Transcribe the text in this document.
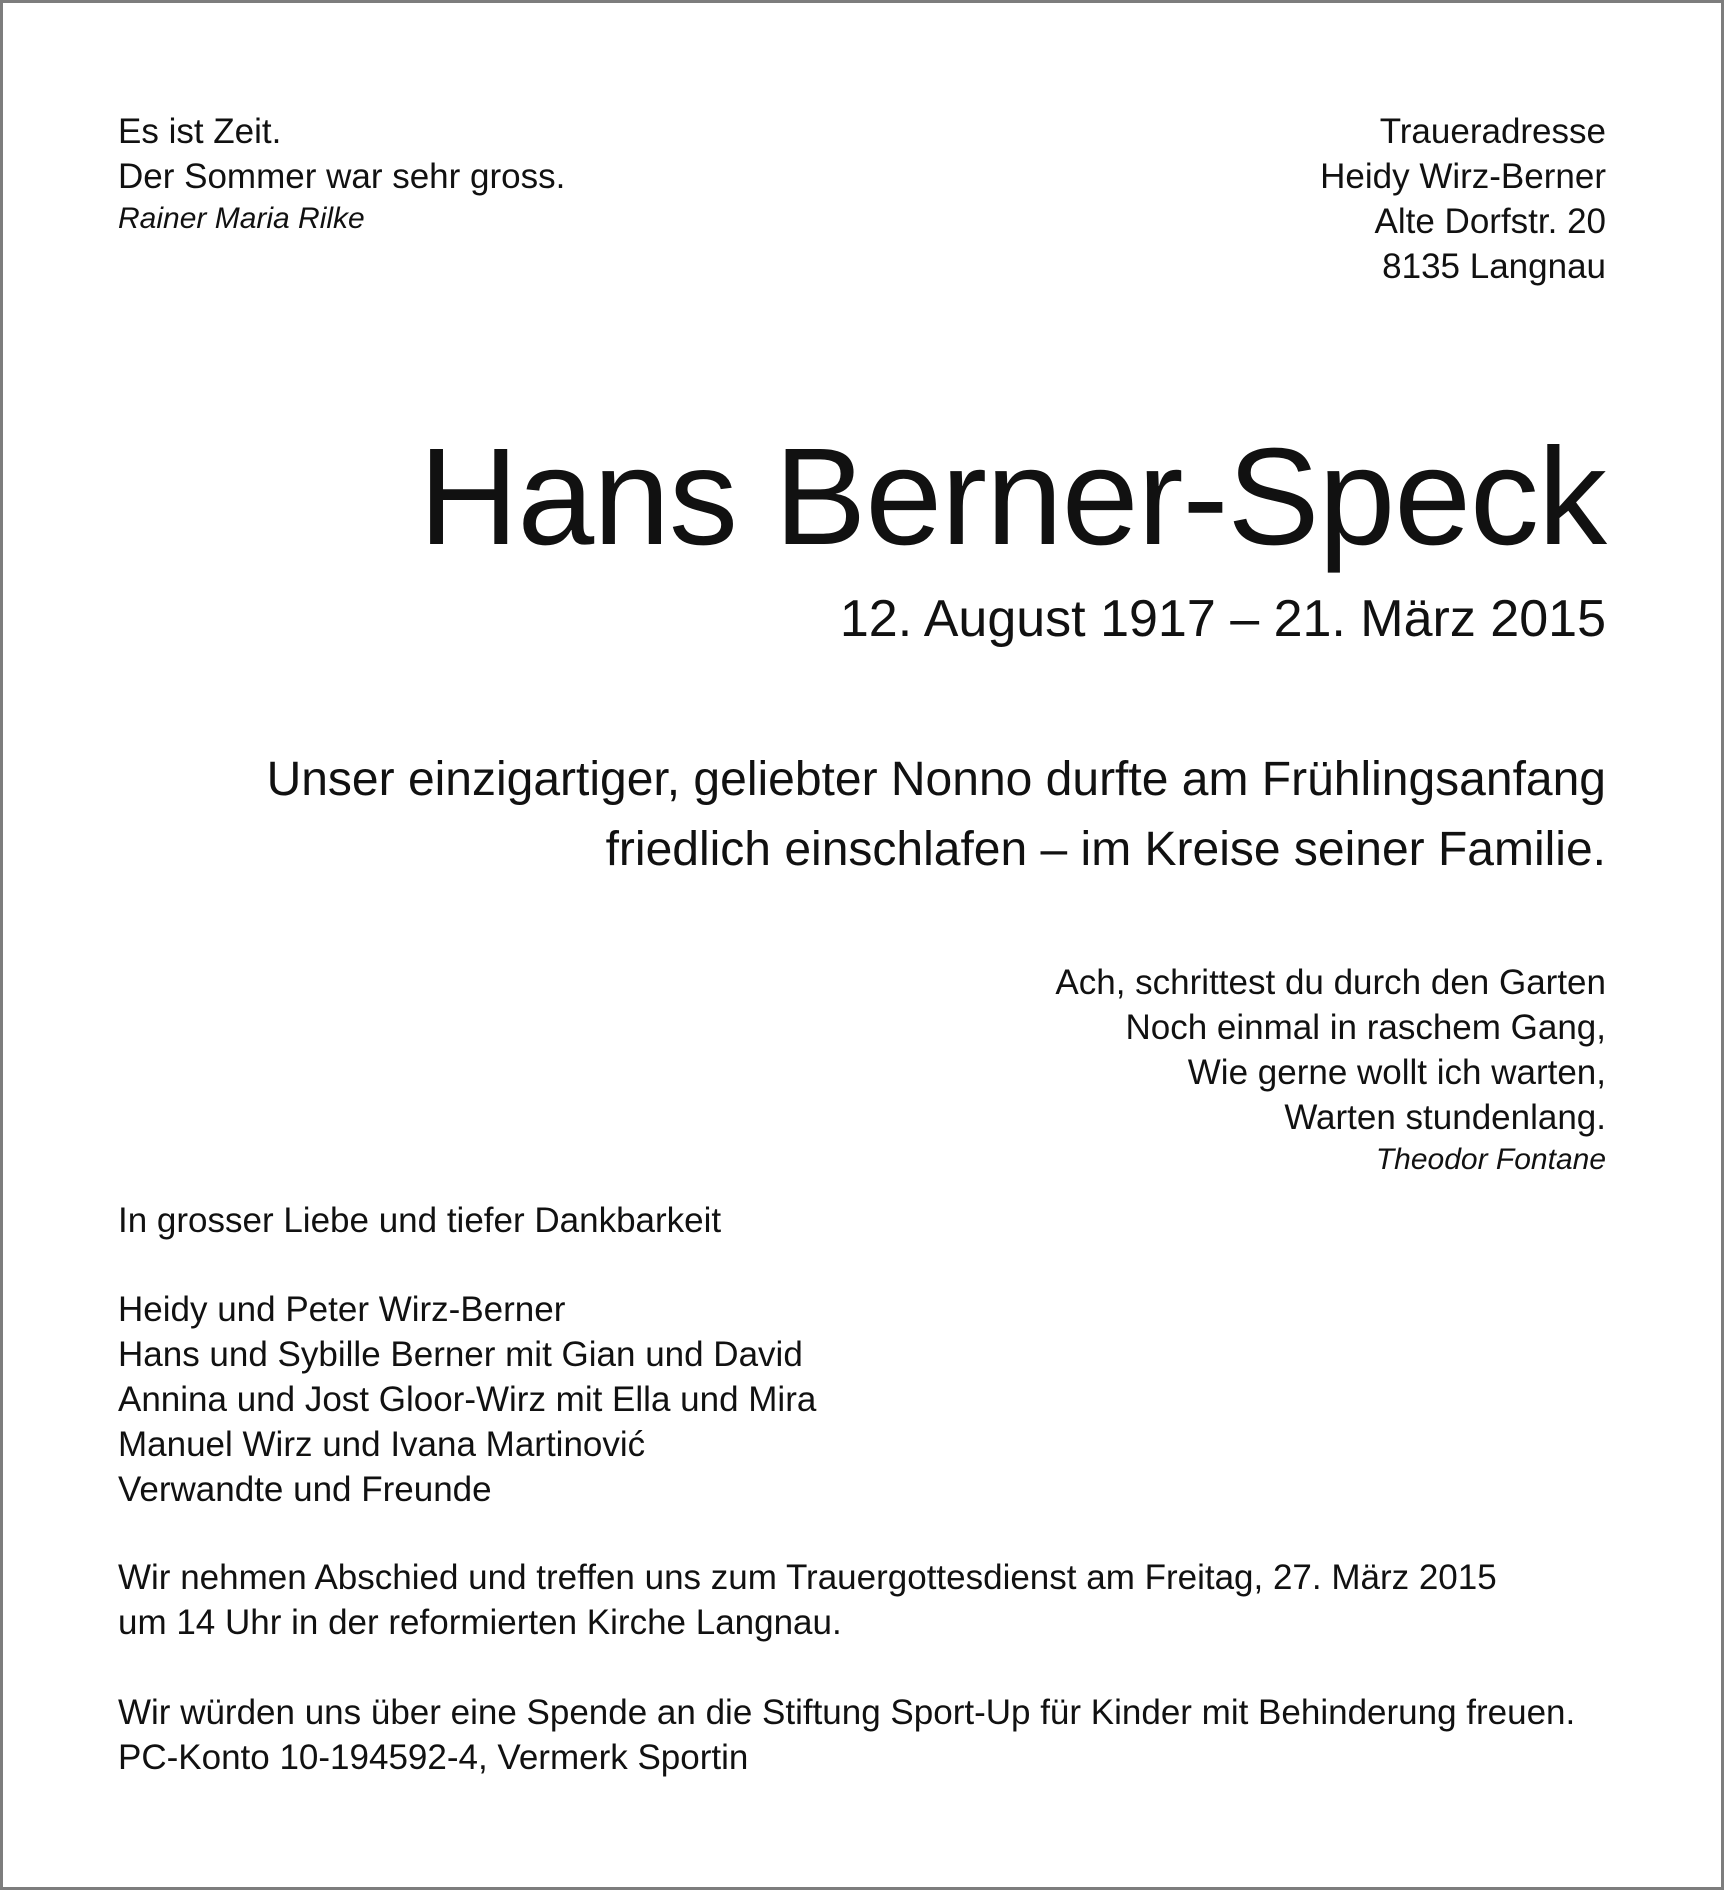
Es ist Zeit.
Der Sommer war sehr gross.
Rainer Maria Rilke
Traueradresse
Heidy Wirz-Berner
Alte Dorfstr. 20
8135 Langnau
Hans Berner-Speck
12. August 1917 – 21. März 2015
Unser einzigartiger, geliebter Nonno durfte am Frühlingsanfang
friedlich einschlafen – im Kreise seiner Familie.
Ach, schrittest du durch den Garten
Noch einmal in raschem Gang,
Wie gerne wollt ich warten,
Warten stundenlang.
Theodor Fontane
In grosser Liebe und tiefer Dankbarkeit
Heidy und Peter Wirz-Berner
Hans und Sybille Berner mit Gian und David
Annina und Jost Gloor-Wirz mit Ella und Mira
Manuel Wirz und Ivana Martinović
Verwandte und Freunde
Wir nehmen Abschied und treffen uns zum Trauergottesdienst am Freitag, 27. März 2015
um 14 Uhr in der reformierten Kirche Langnau.
Wir würden uns über eine Spende an die Stiftung Sport-Up für Kinder mit Behinderung freuen.
PC-Konto 10-194592-4, Vermerk Sportin
